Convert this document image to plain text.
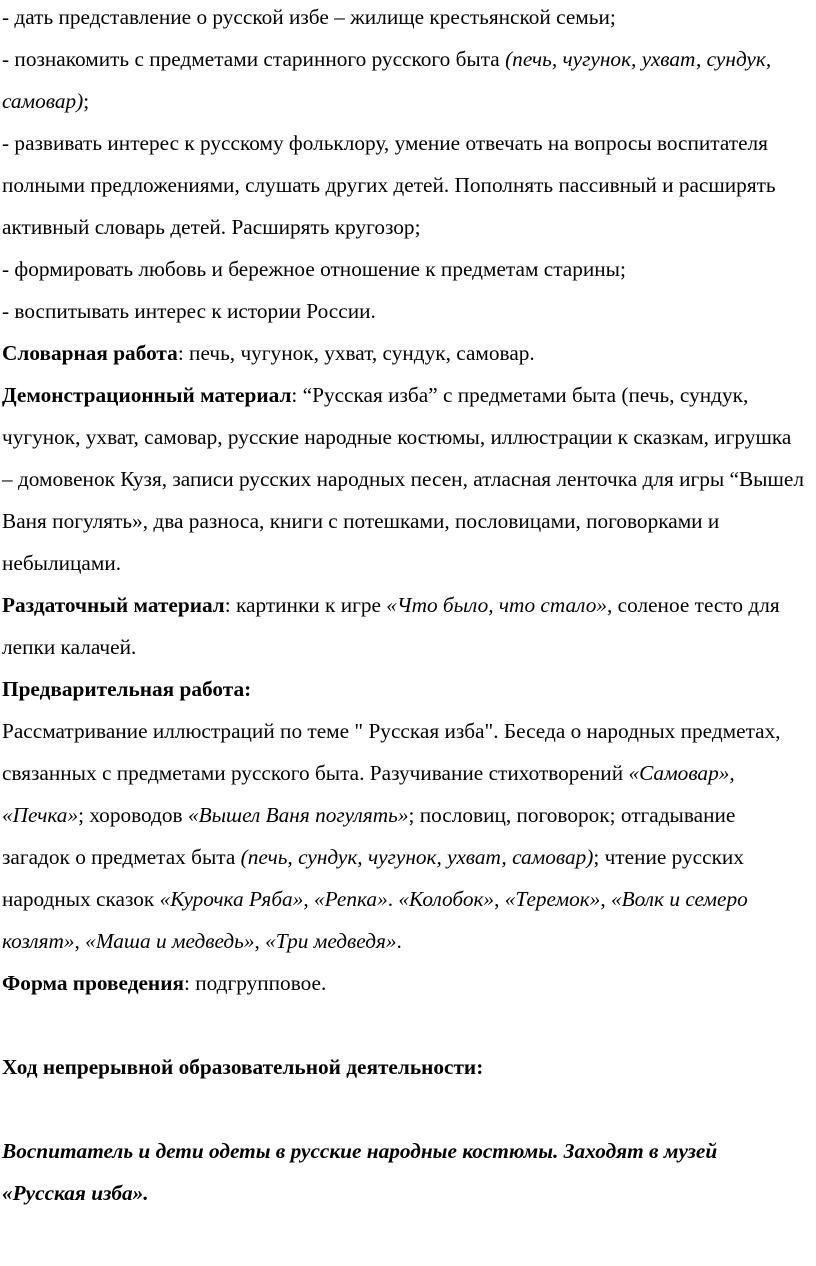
- дать представление о русской избе – жилище крестьянской семьи;

- познакомить с предметами старинного русского быта (печь, чугунок, ухват, сундук, самовар);

- развивать интерес к русскому фольклору, умение отвечать на вопросы воспитателя полными предложениями, слушать других детей. Пополнять пассивный и расширять активный словарь детей. Расширять кругозор;

- формировать любовь и бережное отношение к предметам старины;

- воспитывать интерес к истории России.

Словарная работа: печь, чугунок, ухват, сундук, самовар.

Демонстрационный материал: “Русская изба” с предметами быта (печь, сундук, чугунок, ухват, самовар, русские народные костюмы, иллюстрации к сказкам, игрушка – домовенок Кузя, записи русских народных песен, атласная ленточка для игры “Вышел Ваня погулять», два разноса, книги с потешками, пословицами, поговорками и небылицами.

Раздаточный материал: картинки к игре «Что было, что стало», соленое тесто для лепки калачей.

Предварительная работа:

Рассматривание иллюстраций по теме " Русская изба". Беседа о народных предметах, связанных с предметами русского быта. Разучивание стихотворений «Самовар», «Печка»; хороводов «Вышел Ваня погулять»; пословиц, поговорок; отгадывание загадок о предметах быта (печь, сундук, чугунок, ухват, самовар); чтение русских народных сказок «Курочка Ряба», «Репка». «Колобок», «Теремок», «Волк и семеро козлят», «Маша и медведь», «Три медведя».

Форма проведения: подгрупповое.

Ход непрерывной образовательной деятельности:

Воспитатель и дети одеты в русские народные костюмы. Заходят в музей «Русская изба».
